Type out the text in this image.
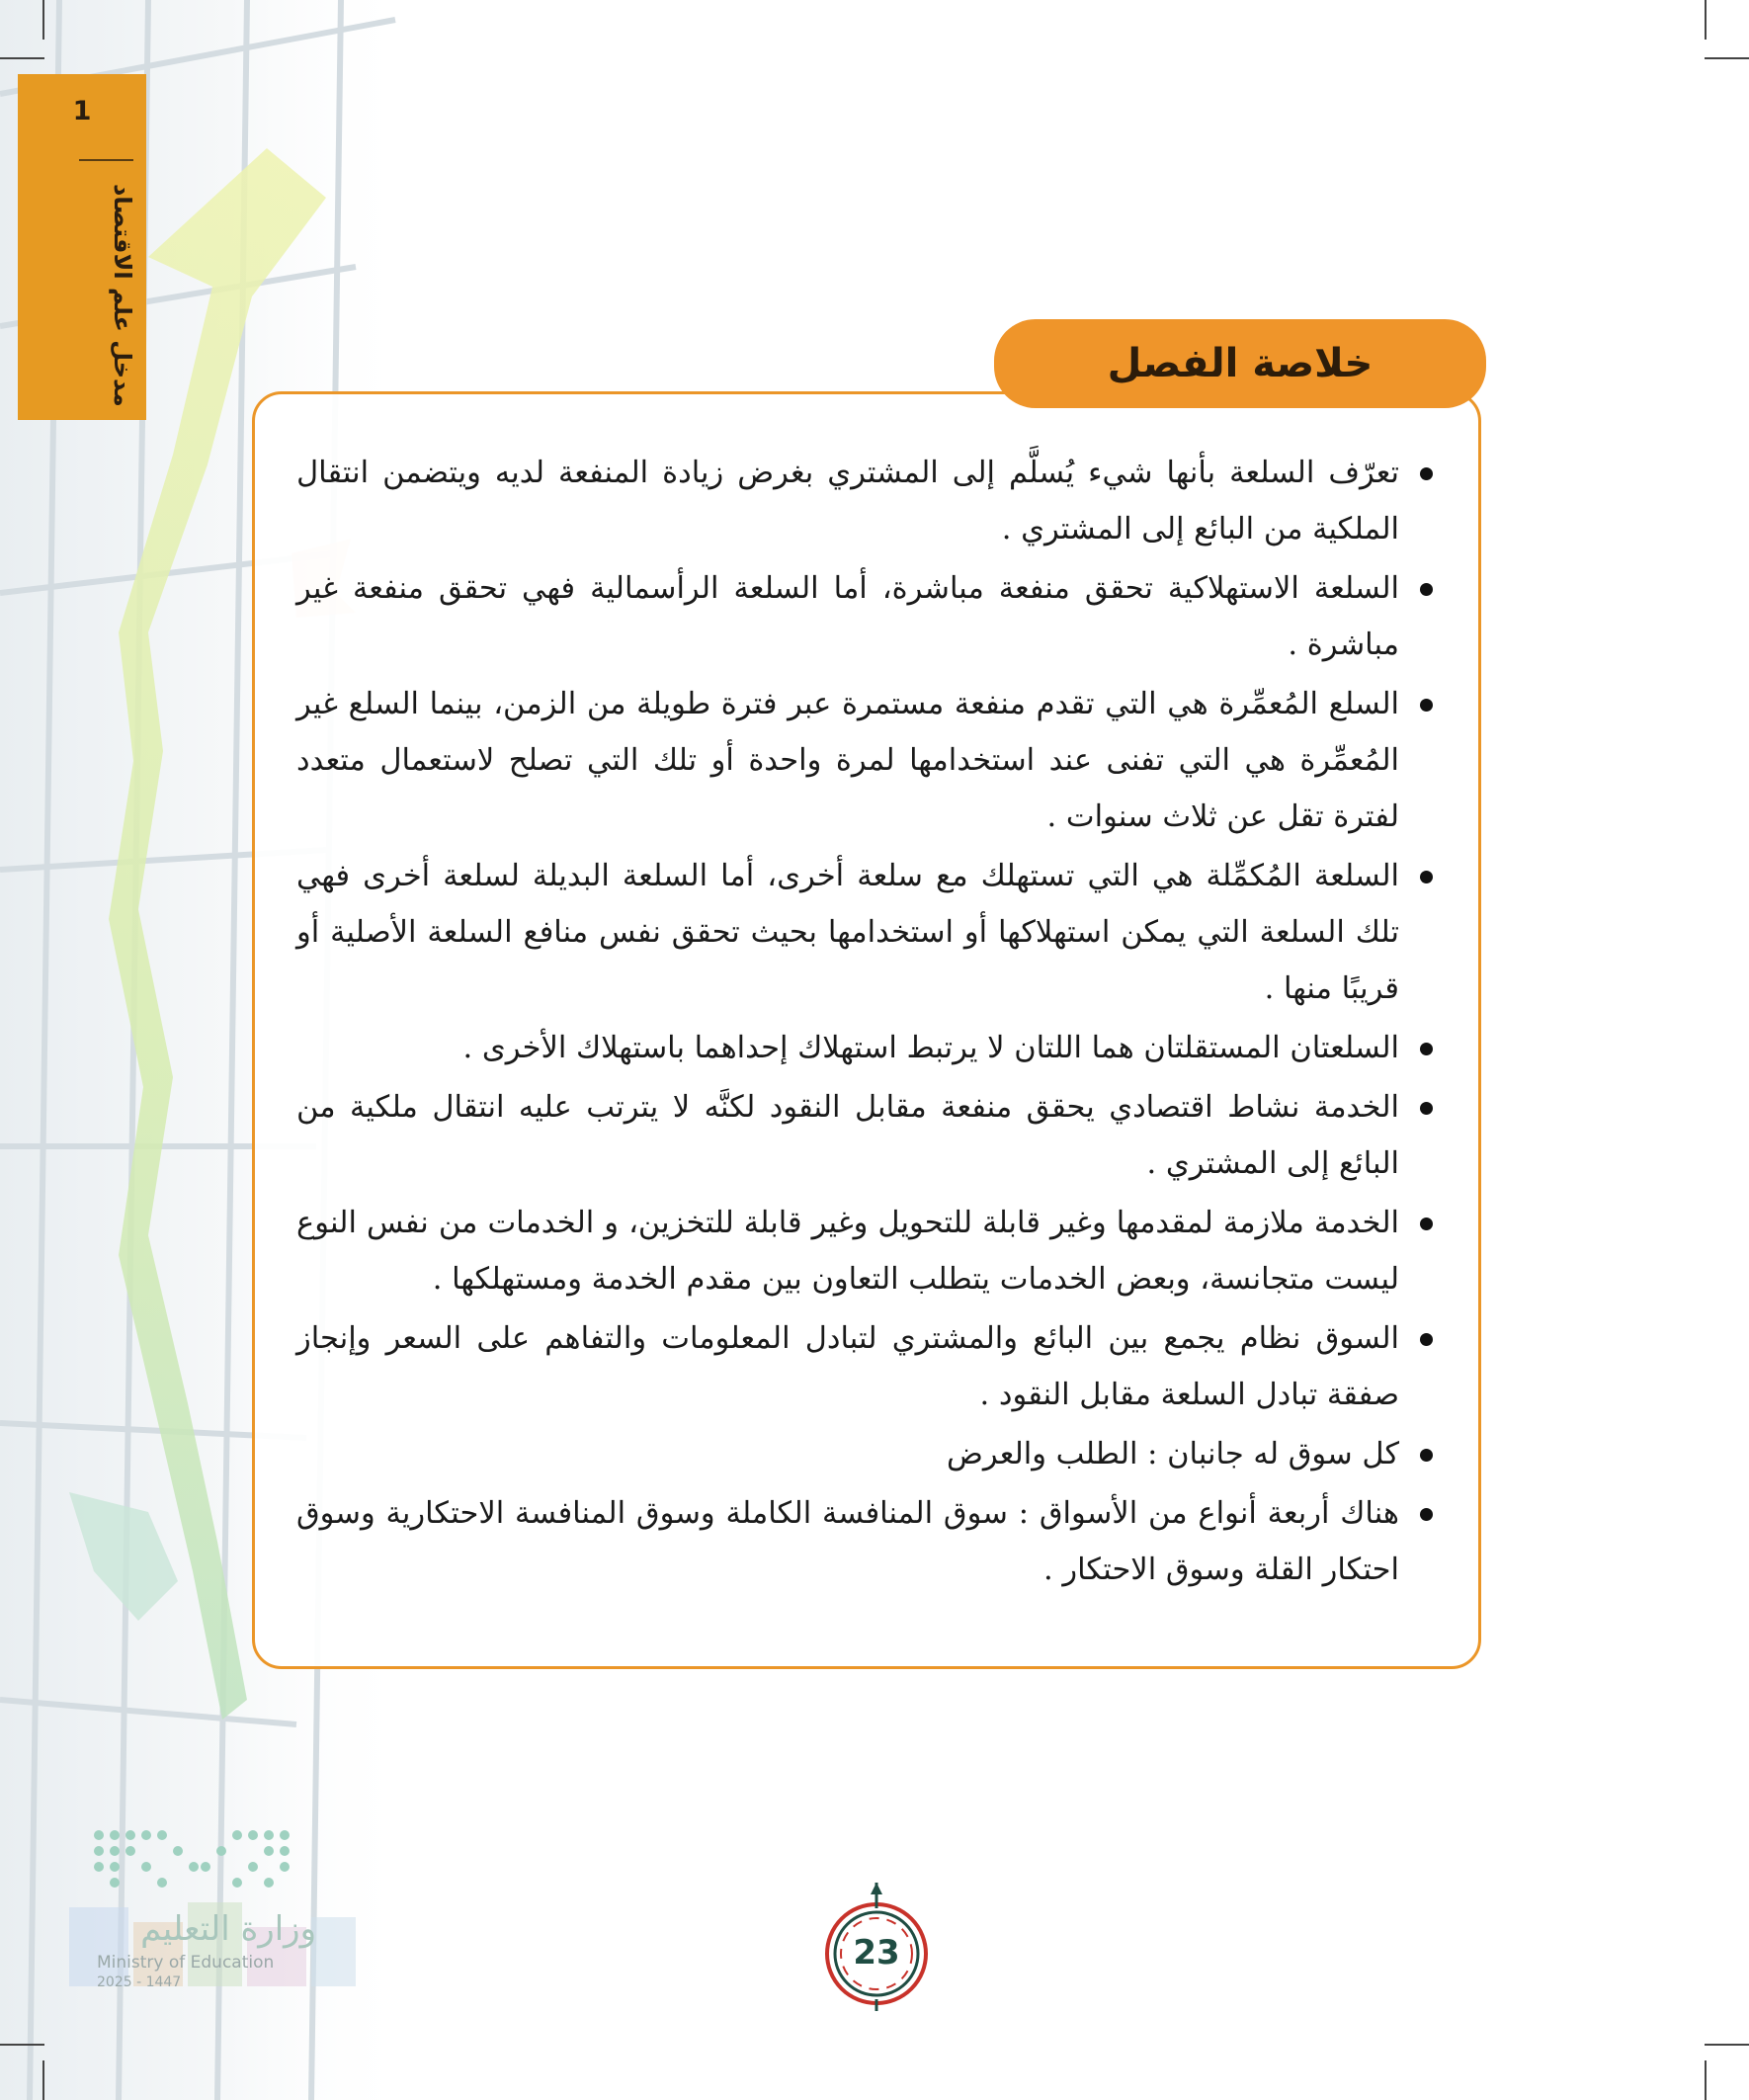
1
مدخل علم الاقتصاد	خلاصة الفصل
تعرّف السلعة بأنها شيء يُسلَّم إلى المشتري بغرض زيادة المنفعة لديه ويتضمن انتقال الملكية من البائع إلى المشتري .
السلعة الاستهلاكية تحقق منفعة مباشرة، أما السلعة الرأسمالية فهي تحقق منفعة غير مباشرة .
السلع المُعمِّرة هي التي تقدم منفعة مستمرة عبر فترة طويلة من الزمن، بينما السلع غير المُعمِّرة هي التي تفنى عند استخدامها لمرة واحدة أو تلك التي تصلح لاستعمال متعدد لفترة تقل عن ثلاث سنوات .
السلعة المُكمِّلة هي التي تستهلك مع سلعة أخرى، أما السلعة البديلة لسلعة أخرى فهي تلك السلعة التي يمكن استهلاكها أو استخدامها بحيث تحقق نفس منافع السلعة الأصلية أو قريبًا منها .
السلعتان المستقلتان هما اللتان لا يرتبط استهلاك إحداهما باستهلاك الأخرى .
الخدمة نشاط اقتصادي يحقق منفعة مقابل النقود لكنَّه لا يترتب عليه انتقال ملكية من البائع إلى المشتري .
الخدمة ملازمة لمقدمها وغير قابلة للتحويل وغير قابلة للتخزين، و الخدمات من نفس النوع ليست متجانسة، وبعض الخدمات يتطلب التعاون بين مقدم الخدمة ومستهلكها .
السوق نظام يجمع بين البائع والمشتري لتبادل المعلومات والتفاهم على السعر وإنجاز صفقة تبادل السلعة مقابل النقود .
كل سوق له جانبان : الطلب والعرض
هناك أربعة أنواع من الأسواق : سوق المنافسة الكاملة وسوق المنافسة الاحتكارية وسوق احتكار القلة وسوق الاحتكار .
وزارة التعليم
Ministry of Education
2025 - 1447
23
